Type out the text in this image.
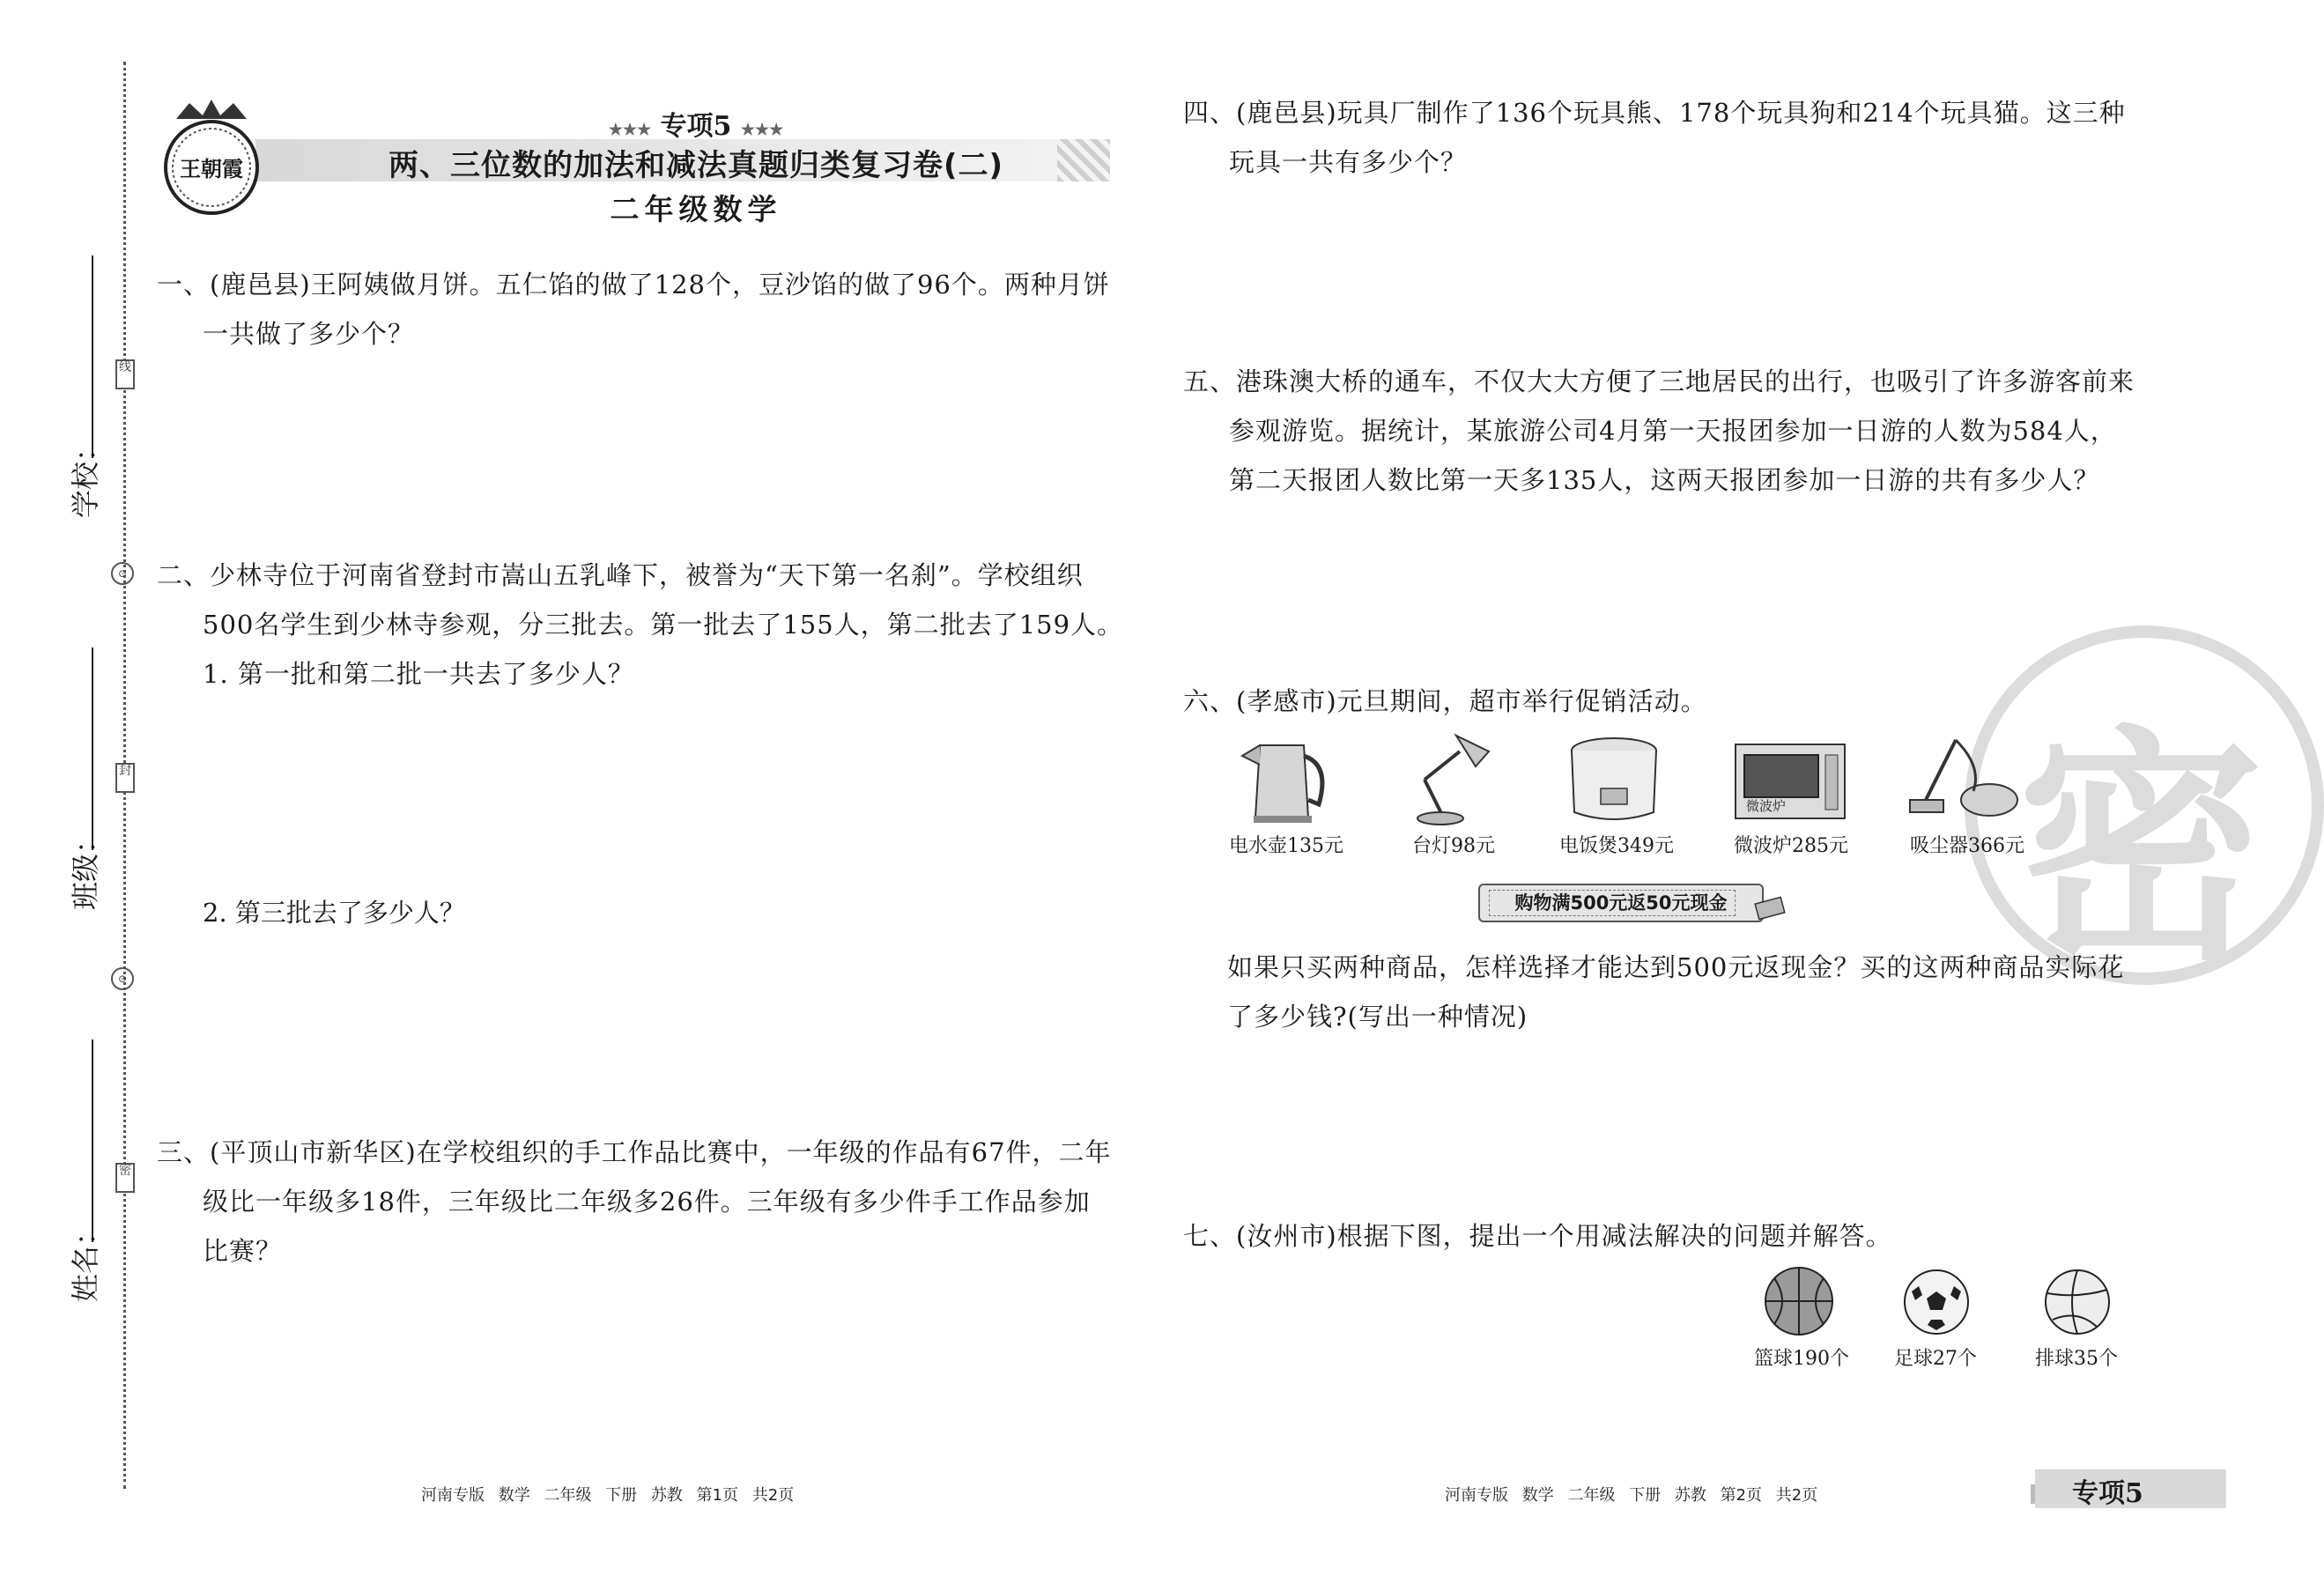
⊙
⊙
线
封
密
学校：
班级：
姓名：
王朝霞
★★★ 专项5 ★★★
两、三位数的加法和减法真题归类复习卷(二)
二年级数学
一、(鹿邑县)王阿姨做月饼。五仁馅的做了128个，豆沙馅的做了96个。两种月饼
一共做了多少个？
二、少林寺位于河南省登封市嵩山五乳峰下，被誉为“天下第一名刹”。学校组织
500名学生到少林寺参观，分三批去。第一批去了155人，第二批去了159人。
1. 第一批和第二批一共去了多少人？
2. 第三批去了多少人？
三、(平顶山市新华区)在学校组织的手工作品比赛中，一年级的作品有67件，二年
级比一年级多18件，三年级比二年级多26件。三年级有多少件手工作品参加
比赛？
河南专版 数学 二年级 下册 苏教 第1页 共2页
密
四、(鹿邑县)玩具厂制作了136个玩具熊、178个玩具狗和214个玩具猫。这三种
玩具一共有多少个？
五、港珠澳大桥的通车，不仅大大方便了三地居民的出行，也吸引了许多游客前来
参观游览。据统计，某旅游公司4月第一天报团参加一日游的人数为584人，
第二天报团人数比第一天多135人，这两天报团参加一日游的共有多少人？
六、(孝感市)元旦期间，超市举行促销活动。
微波炉
电水壶135元	台灯98元	电饭煲349元	微波炉285元	吸尘器366元
购物满500元返50元现金
如果只买两种商品，怎样选择才能达到500元返现金？买的这两种商品实际花
了多少钱?(写出一种情况)
七、(汝州市)根据下图，提出一个用减法解决的问题并解答。
篮球190个	足球27个	排球35个
河南专版 数学 二年级 下册 苏教 第2页 共2页	专项5
